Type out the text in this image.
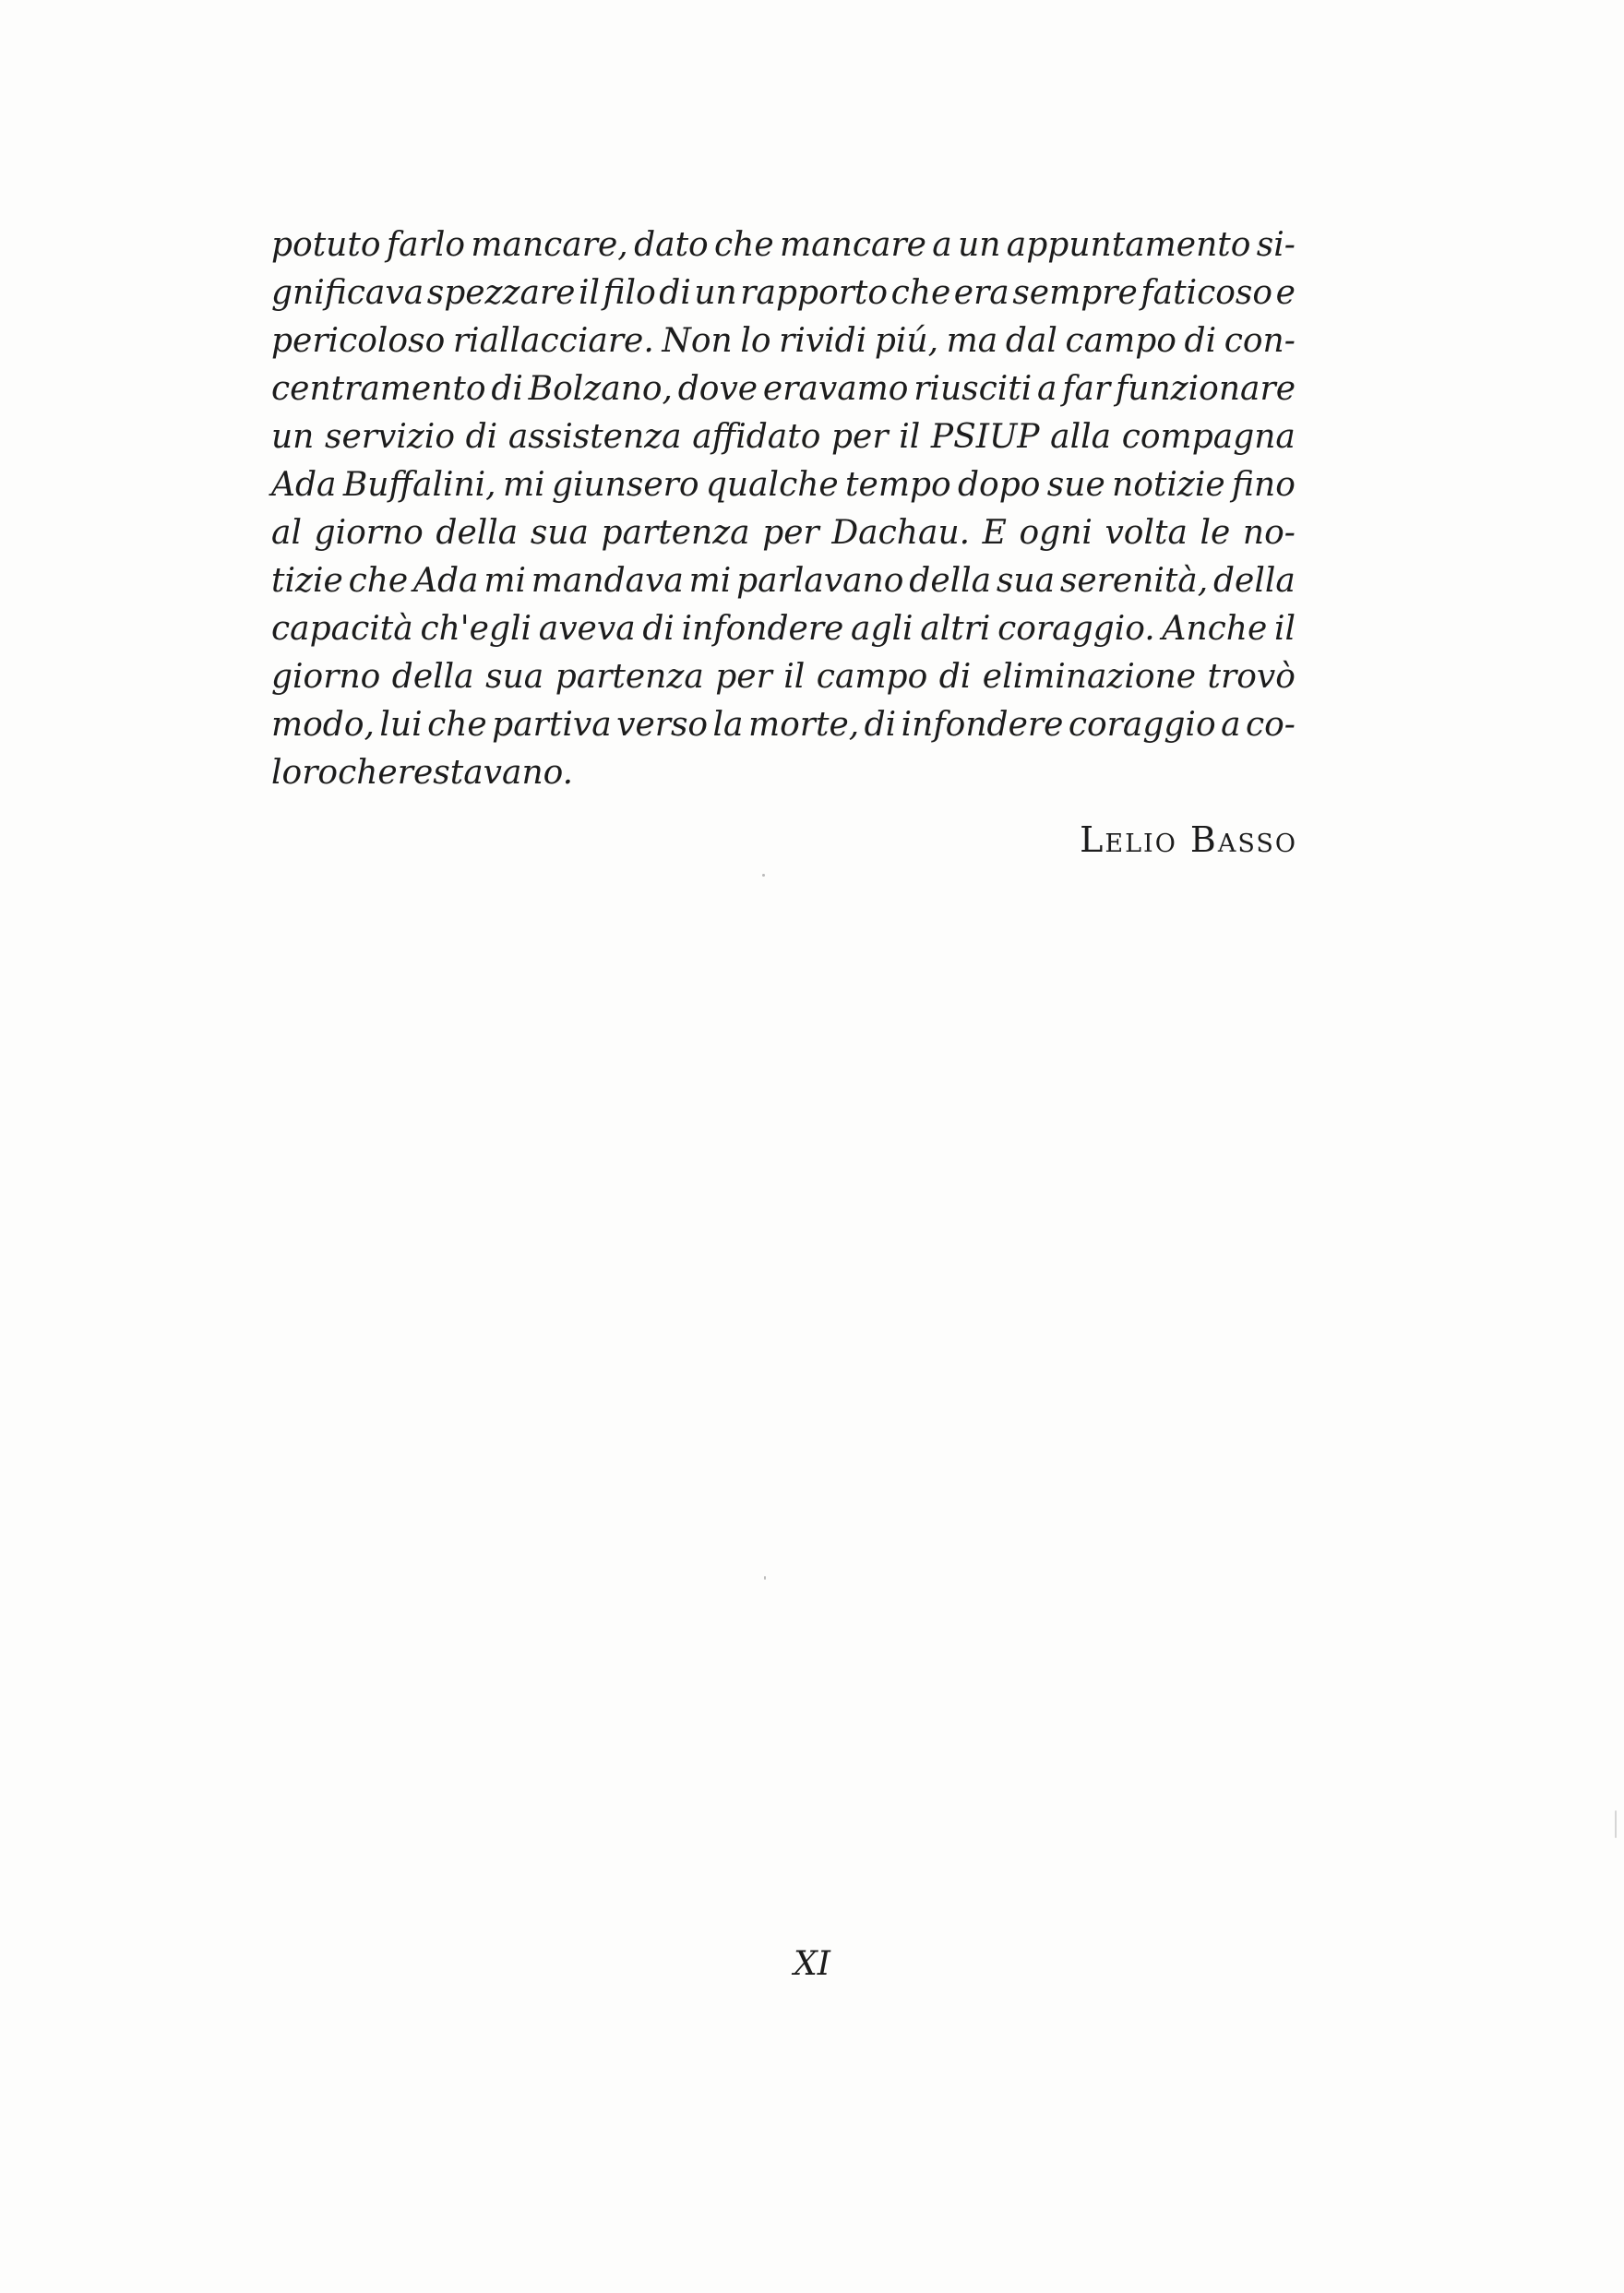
potuto farlo mancare, dato che mancare a un appuntamento si-
gnificava spezzare il filo di un rapporto che era sempre faticoso e
pericoloso riallacciare. Non lo rividi piú, ma dal campo di con-
centramento di Bolzano, dove eravamo riusciti a far funzionare
un servizio di assistenza affidato per il PSIUP alla compagna
Ada Buffalini, mi giunsero qualche tempo dopo sue notizie fino
al giorno della sua partenza per Dachau. E ogni volta le no-
tizie che Ada mi mandava mi parlavano della sua serenità, della
capacità ch'egli aveva di infondere agli altri coraggio. Anche il
giorno della sua partenza per il campo di eliminazione trovò
modo, lui che partiva verso la morte, di infondere coraggio a co-
loro che restavano.
Lelio Basso
XI
